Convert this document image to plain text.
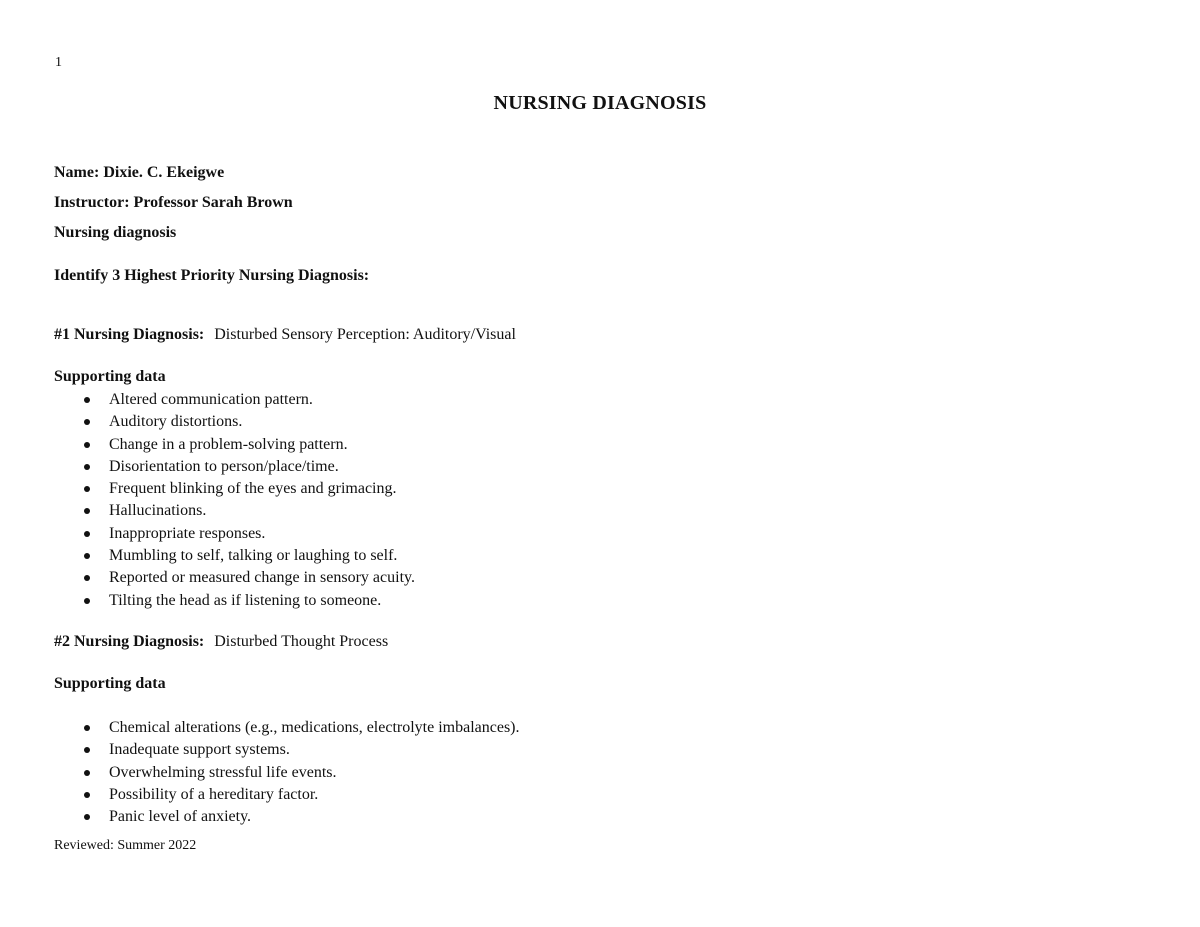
1
NURSING DIAGNOSIS
Name: Dixie. C. Ekeigwe
Instructor: Professor Sarah Brown
Nursing diagnosis
Identify 3 Highest Priority Nursing Diagnosis:
#1 Nursing Diagnosis: Disturbed Sensory Perception: Auditory/Visual
Supporting data
Altered communication pattern.
Auditory distortions.
Change in a problem-solving pattern.
Disorientation to person/place/time.
Frequent blinking of the eyes and grimacing.
Hallucinations.
Inappropriate responses.
Mumbling to self, talking or laughing to self.
Reported or measured change in sensory acuity.
Tilting the head as if listening to someone.
#2 Nursing Diagnosis: Disturbed Thought Process
Supporting data
Chemical alterations (e.g., medications, electrolyte imbalances).
Inadequate support systems.
Overwhelming stressful life events.
Possibility of a hereditary factor.
Panic level of anxiety.
Reviewed: Summer 2022
